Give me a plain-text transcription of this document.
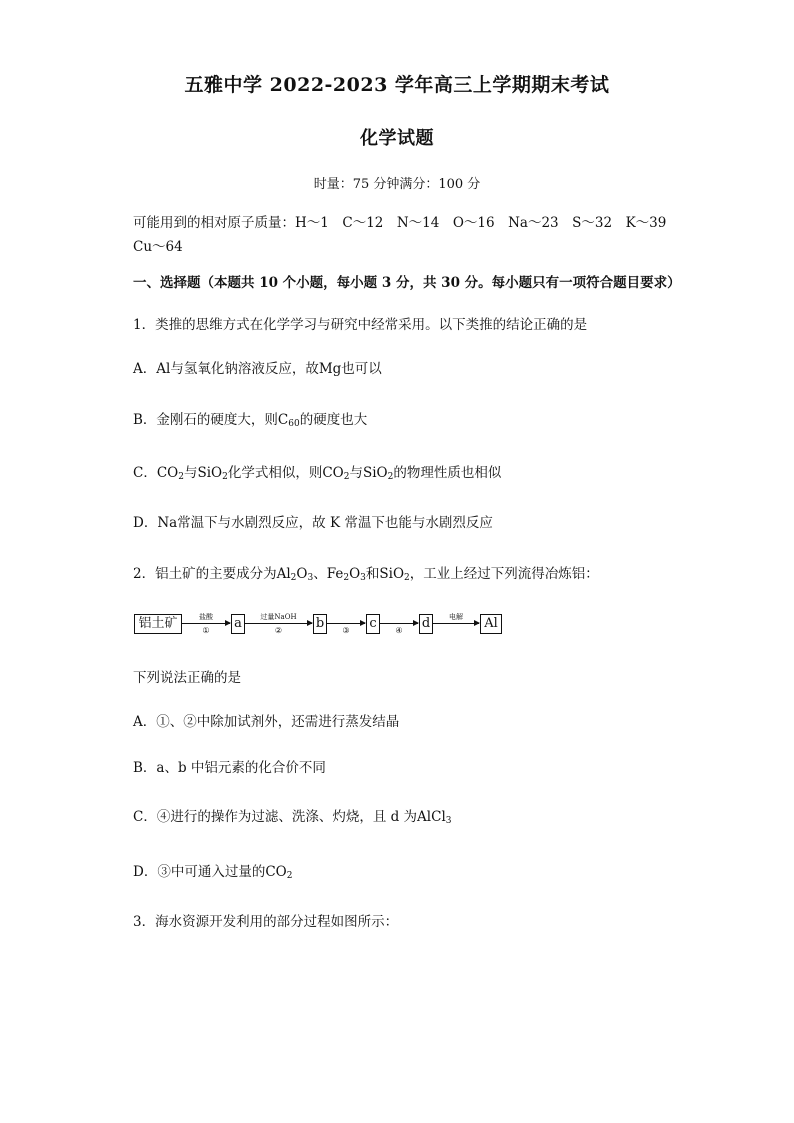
五雅中学 2022-2023 学年高三上学期期末考试
化学试题
时量：75 分钟满分：100 分
可能用到的相对原子质量：H～1　C～12　N～14　O～16　Na～23　S～32　K～39
Cu～64
一、选择题（本题共 10 个小题，每小题 3 分，共 30 分。每小题只有一项符合题目要求）
1．类推的思维方式在化学学习与研究中经常采用。以下类推的结论正确的是
A．Al与氢氧化钠溶液反应，故Mg也可以
B．金刚石的硬度大，则$C_{60}$的硬度也大
C．$CO_2$与SiO$_2$化学式相似，则$CO_2$与SiO$_2$的物理性质也相似
D．Na常温下与水剧烈反应，故 K 常温下也能与水剧烈反应
2．铝土矿的主要成分为$Al_2O_3$、$Fe_2O_3$和SiO$_2$，工业上经过下列流得冶炼铝：
铝土矿	盐酸
①	a	过量NaOH
②	b	③	c	④	d	电解	Al
下列说法正确的是
A．①、②中除加试剂外，还需进行蒸发结晶
B．a、b 中铝元素的化合价不同
C．④进行的操作为过滤、洗涤、灼烧，且 d 为AlCl$_3$
D．③中可通入过量的$CO_2$
3．海水资源开发利用的部分过程如图所示：
